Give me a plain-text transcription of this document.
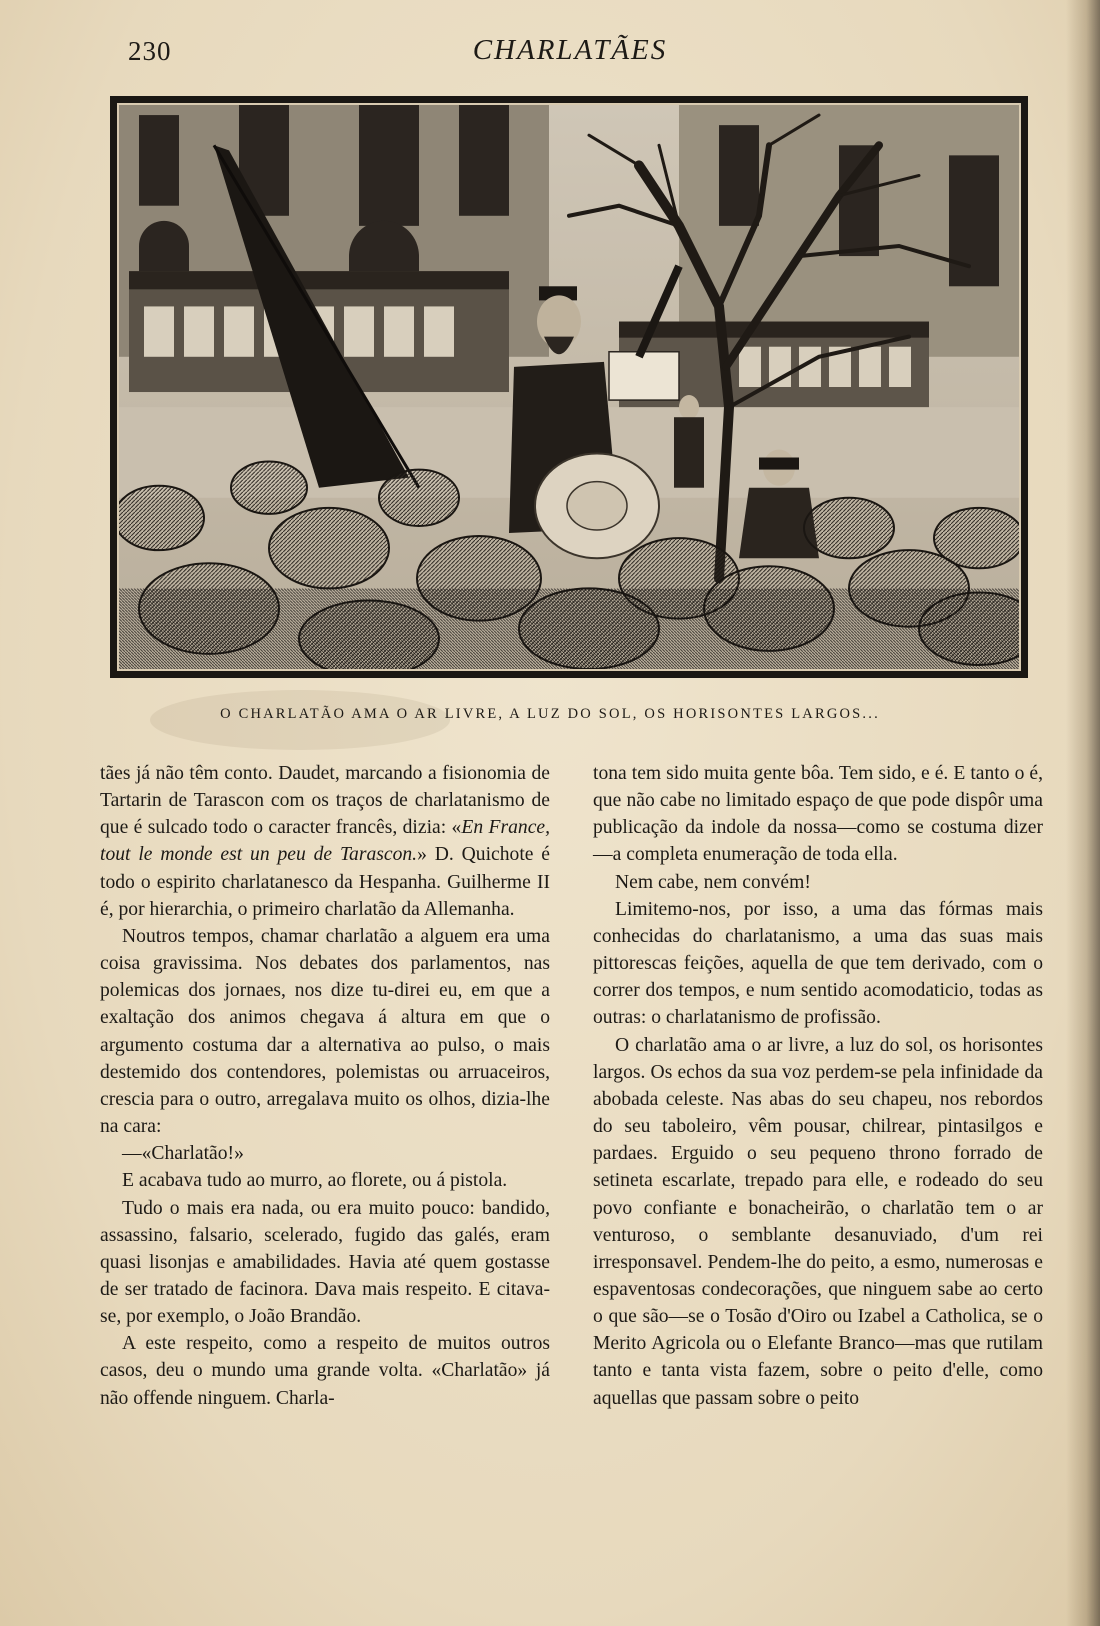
230	CHARLATÃES
O CHARLATÃO AMA O AR LIVRE, A LUZ DO SOL, OS HORISONTES LARGOS...

tães já não têm conto. Daudet, marcando a fisionomia de Tartarin de Tarascon com os traços de charlatanismo de que é sulcado todo o caracter francês, dizia: «En France, tout le monde est un peu de Tarascon.» D. Quichote é todo o espirito charlatanesco da Hespanha. Guilherme II é, por hierarchia, o primeiro charlatão da Allemanha.

Noutros tempos, chamar charlatão a alguem era uma coisa gravissima. Nos debates dos parlamentos, nas polemicas dos jornaes, nos dize tu-direi eu, em que a exaltação dos animos chegava á altura em que o argumento costuma dar a alternativa ao pulso, o mais destemido dos contendores, polemistas ou arruaceiros, crescia para o outro, arregalava muito os olhos, dizia-lhe na cara:

—«Charlatão!»

E acabava tudo ao murro, ao florete, ou á pistola.

Tudo o mais era nada, ou era muito pouco: bandido, assassino, falsario, scelerado, fugido das galés, eram quasi lisonjas e amabilidades. Havia até quem gostasse de ser tratado de facinora. Dava mais respeito. E citava-se, por exemplo, o João Brandão.

A este respeito, como a respeito de muitos outros casos, deu o mundo uma grande volta. «Charlatão» já não offende ninguem. Charla-

tona tem sido muita gente bôa. Tem sido, e é. E tanto o é, que não cabe no limitado espaço de que pode dispôr uma publicação da indole da nossa—como se costuma dizer—a completa enumeração de toda ella.

Nem cabe, nem convém!

Limitemo-nos, por isso, a uma das fórmas mais conhecidas do charlatanismo, a uma das suas mais pittorescas feições, aquella de que tem derivado, com o correr dos tempos, e num sentido acomodaticio, todas as outras: o charlatanismo de profissão.

O charlatão ama o ar livre, a luz do sol, os horisontes largos. Os echos da sua voz perdem-se pela infinidade da abobada celeste. Nas abas do seu chapeu, nos rebordos do seu taboleiro, vêm pousar, chilrear, pintasilgos e pardaes. Erguido o seu pequeno throno forrado de setineta escarlate, trepado para elle, e rodeado do seu povo confiante e bonacheirão, o charlatão tem o ar venturoso, o semblante desanuviado, d'um rei irresponsavel. Pendem-lhe do peito, a esmo, numerosas e espaventosas condecorações, que ninguem sabe ao certo o que são—se o Tosão d'Oiro ou Izabel a Catholica, se o Merito Agricola ou o Elefante Branco—mas que rutilam tanto e tanta vista fazem, sobre o peito d'elle, como aquellas que passam sobre o peito
